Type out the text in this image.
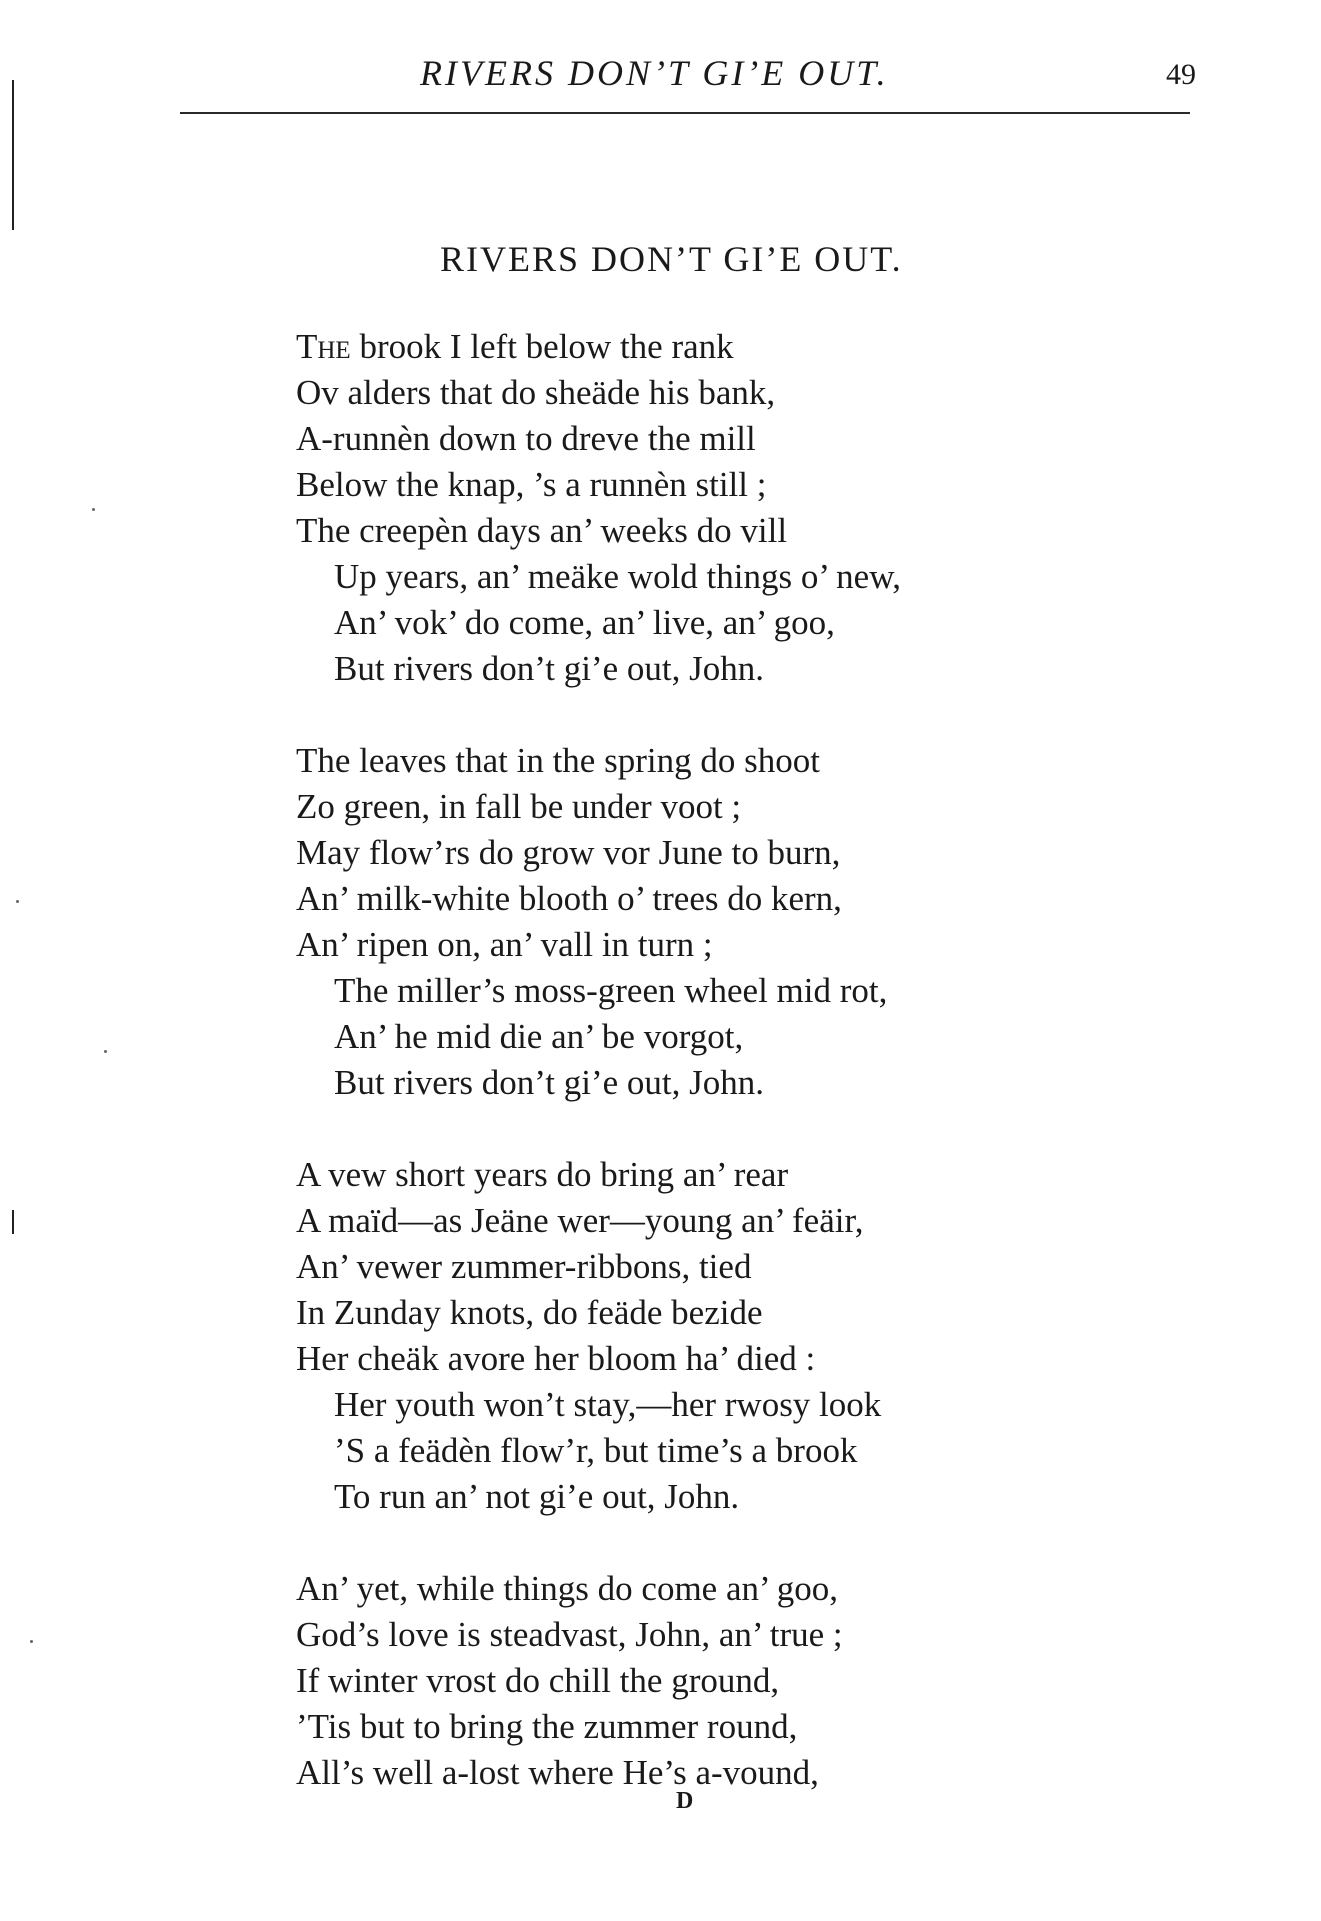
RIVERS DON’T GI’E OUT.	49
RIVERS DON’T GI’E OUT.
The brook I left below the rank
Ov alders that do sheäde his bank,
A-runnèn down to dreve the mill
Below the knap, ’s a runnèn still ;
The creepèn days an’ weeks do vill
Up years, an’ meäke wold things o’ new,
An’ vok’ do come, an’ live, an’ goo,
But rivers don’t gi’e out, John.
The leaves that in the spring do shoot
Zo green, in fall be under voot ;
May flow’rs do grow vor June to burn,
An’ milk-white blooth o’ trees do kern,
An’ ripen on, an’ vall in turn ;
The miller’s moss-green wheel mid rot,
An’ he mid die an’ be vorgot,
But rivers don’t gi’e out, John.
A vew short years do bring an’ rear
A maïd—as Jeäne wer—young an’ feäir,
An’ vewer zummer-ribbons, tied
In Zunday knots, do feäde bezide
Her cheäk avore her bloom ha’ died :
Her youth won’t stay,—her rwosy look
’S a feädèn flow’r, but time’s a brook
To run an’ not gi’e out, John.
An’ yet, while things do come an’ goo,
God’s love is steadvast, John, an’ true ;
If winter vrost do chill the ground,
’Tis but to bring the zummer round,
All’s well a-lost where He’s a-vound,
D
